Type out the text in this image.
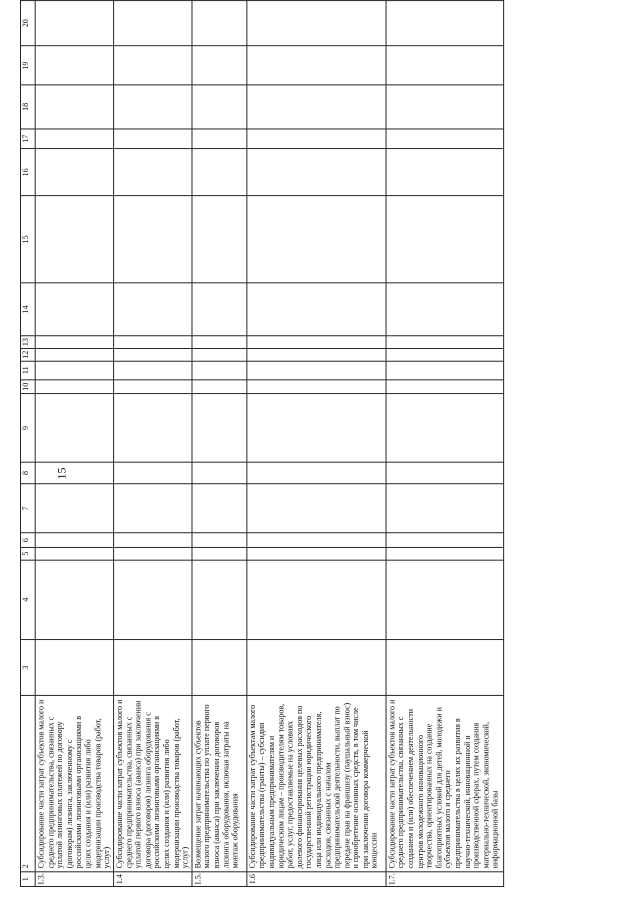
15
1	2	3	4	5	6	7	8	9	10	11	12	13	14	15	16	17	18	19	20
1.3.	Субсидирование части затрат субъектов малого и среднего предпринимательства, связанных с уплатой лизинговых платежей по договору (договорам) лизинга, заключенному с российскими лизинговыми организациями в целях создания и (или) развития либо модернизации производства товаров (работ, услуг)																		
1.4	Субсидирование части затрат субъектов малого и среднего предпринимательства, связанных с уплатой первого взноса (аванса) при заключении договора (договоров) лизинга оборудования с российскими лизинговыми организациями в целях создания и (или) развития либо модернизации производства товаров (работ, услуг)																		
1.5.	Возмещение затрат начинающих субъектов малого предпринимательства по уплате первого взноса (аванса) при заключении договоров лизинга оборудования, включая затраты на монтаж оборудования																		
1.6	Субсидирование части затрат субъектам малого предпринимательства (гранты) – субсидии индивидуальным предпринимателям и юридическим лицам – производителям товаров, работ, услуг, предоставляемые на условиях долевого финансирования целевых расходов по государственной регистрации юридического лица или индивидуального предпринимателя, расходов, связанных с началом предпринимательской деятельности, выплат по передаче прав на франшизу (паушальный взнос) и приобретение основных средств, в том числе при заключении договора коммерческой концессии																		
1.7.	Субсидирование части затрат субъектов малого и среднего предпринимательства, связанных с созданием и (или) обеспечением деятельности центров молодежного инновационного творчества, ориентированных на создание благоприятных условий для детей, молодежи и субъектов малого и среднего предпринимательства в целях их развития в научно-технической, инновационной и производственной сферах, путем создания материально-технической, экономической, информационной базы																		
